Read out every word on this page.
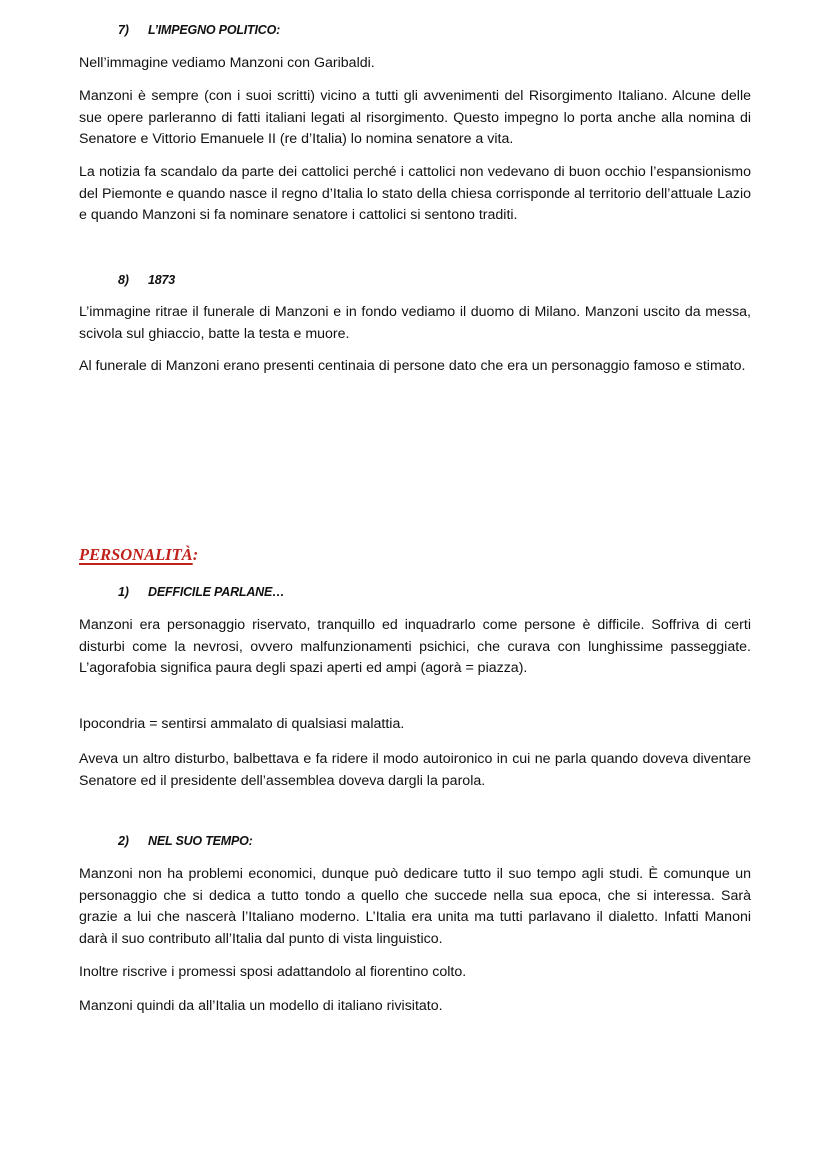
7) L’IMPEGNO POLITICO:

Nell’immagine vediamo Manzoni con Garibaldi.

Manzoni è sempre (con i suoi scritti) vicino a tutti gli avvenimenti del Risorgimento Italiano. Alcune delle sue opere parleranno di fatti italiani legati al risorgimento. Questo impegno lo porta anche alla nomina di Senatore e Vittorio Emanuele II (re d’Italia) lo nomina senatore a vita.

La notizia fa scandalo da parte dei cattolici perché i cattolici non vedevano di buon occhio l’espansionismo del Piemonte e quando nasce il regno d’Italia lo stato della chiesa corrisponde al territorio dell’attuale Lazio e quando Manzoni si fa nominare senatore i cattolici si sentono traditi.

8) 1873

L’immagine ritrae il funerale di Manzoni e in fondo vediamo il duomo di Milano. Manzoni uscito da messa, scivola sul ghiaccio, batte la testa e muore.

Al funerale di Manzoni erano presenti centinaia di persone dato che era un personaggio famoso e stimato.

PERSONALITÀ:
1) DEFFICILE PARLANE…

Manzoni era personaggio riservato, tranquillo ed inquadrarlo come persone è difficile. Soffriva di certi disturbi come la nevrosi, ovvero malfunzionamenti psichici, che curava con lunghissime passeggiate. L’agorafobia significa paura degli spazi aperti ed ampi (agorà = piazza).

Ipocondria = sentirsi ammalato di qualsiasi malattia.

Aveva un altro disturbo, balbettava e fa ridere il modo autoironico in cui ne parla quando doveva diventare Senatore ed il presidente dell’assemblea doveva dargli la parola.

2) NEL SUO TEMPO:

Manzoni non ha problemi economici, dunque può dedicare tutto il suo tempo agli studi. È comunque un personaggio che si dedica a tutto tondo a quello che succede nella sua epoca, che si interessa. Sarà grazie a lui che nascerà l’Italiano moderno. L’Italia era unita ma tutti parlavano il dialetto. Infatti Manoni darà il suo contributo all’Italia dal punto di vista linguistico.

Inoltre riscrive i promessi sposi adattandolo al fiorentino colto.

Manzoni quindi da all’Italia un modello di italiano rivisitato.
